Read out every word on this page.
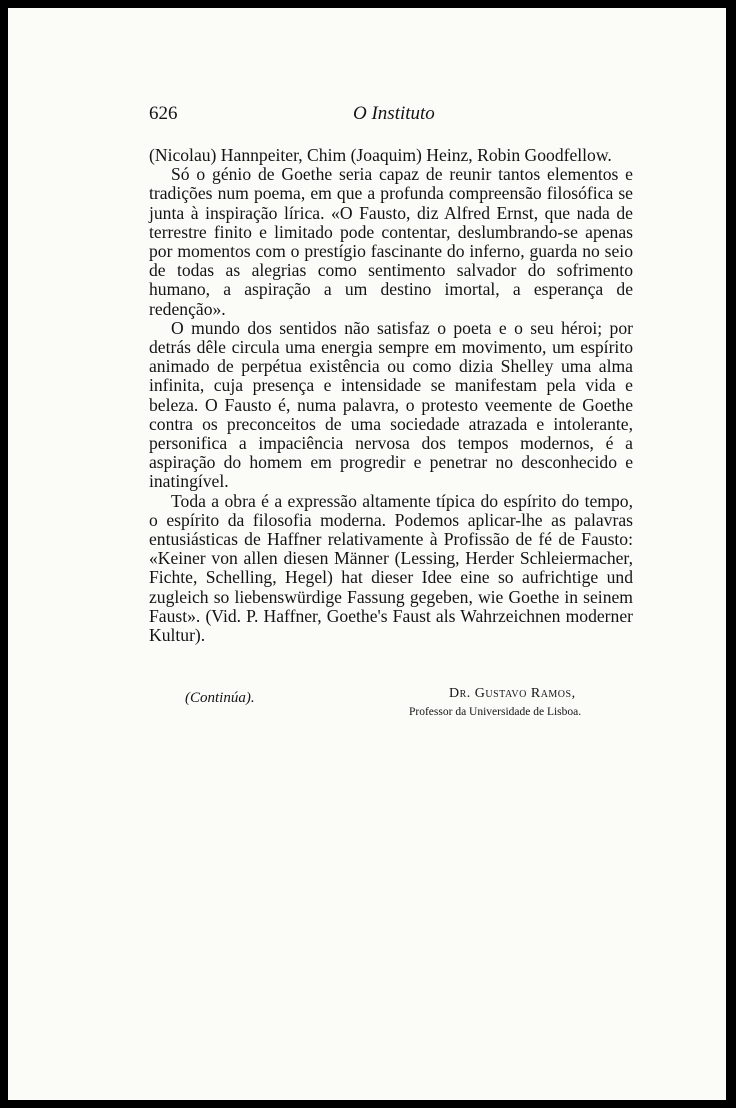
626	O Instituto

(Nicolau) Hannpeiter, Chim (Joaquim) Heinz, Robin Goodfellow.

Só o génio de Goethe seria capaz de reunir tantos elementos e tradições num poema, em que a profunda compreensão filosófica se junta à inspiração lírica. «O Fausto, diz Alfred Ernst, que nada de terrestre finito e limitado pode contentar, deslumbrando-se apenas por momentos com o prestígio fascinante do inferno, guarda no seio de todas as alegrias como sentimento salvador do sofrimento humano, a aspiração a um destino imortal, a esperança de redenção».

O mundo dos sentidos não satisfaz o poeta e o seu héroi; por detrás dêle circula uma energia sempre em movimento, um espírito animado de perpétua existência ou como dizia Shelley uma alma infinita, cuja presença e intensidade se manifestam pela vida e beleza. O Fausto é, numa palavra, o protesto veemente de Goethe contra os preconceitos de uma sociedade atrazada e intolerante, personifica a impaciência nervosa dos tempos modernos, é a aspiração do homem em progredir e penetrar no desconhecido e inatingível.

Toda a obra é a expressão altamente típica do espírito do tempo, o espírito da filosofia moderna. Podemos aplicar-lhe as palavras entusiásticas de Haffner relativamente à Profissão de fé de Fausto: «Keiner von allen diesen Männer (Lessing, Herder Schleiermacher, Fichte, Schelling, Hegel) hat dieser Idee eine so aufrichtige und zugleich so liebenswürdige Fassung gegeben, wie Goethe in seinem Faust». (Vid. P. Haffner, Goethe's Faust als Wahrzeichnen moderner Kultur).

(Continúa).	Dr. Gustavo Ramos,
Professor da Universidade de Lisboa.
